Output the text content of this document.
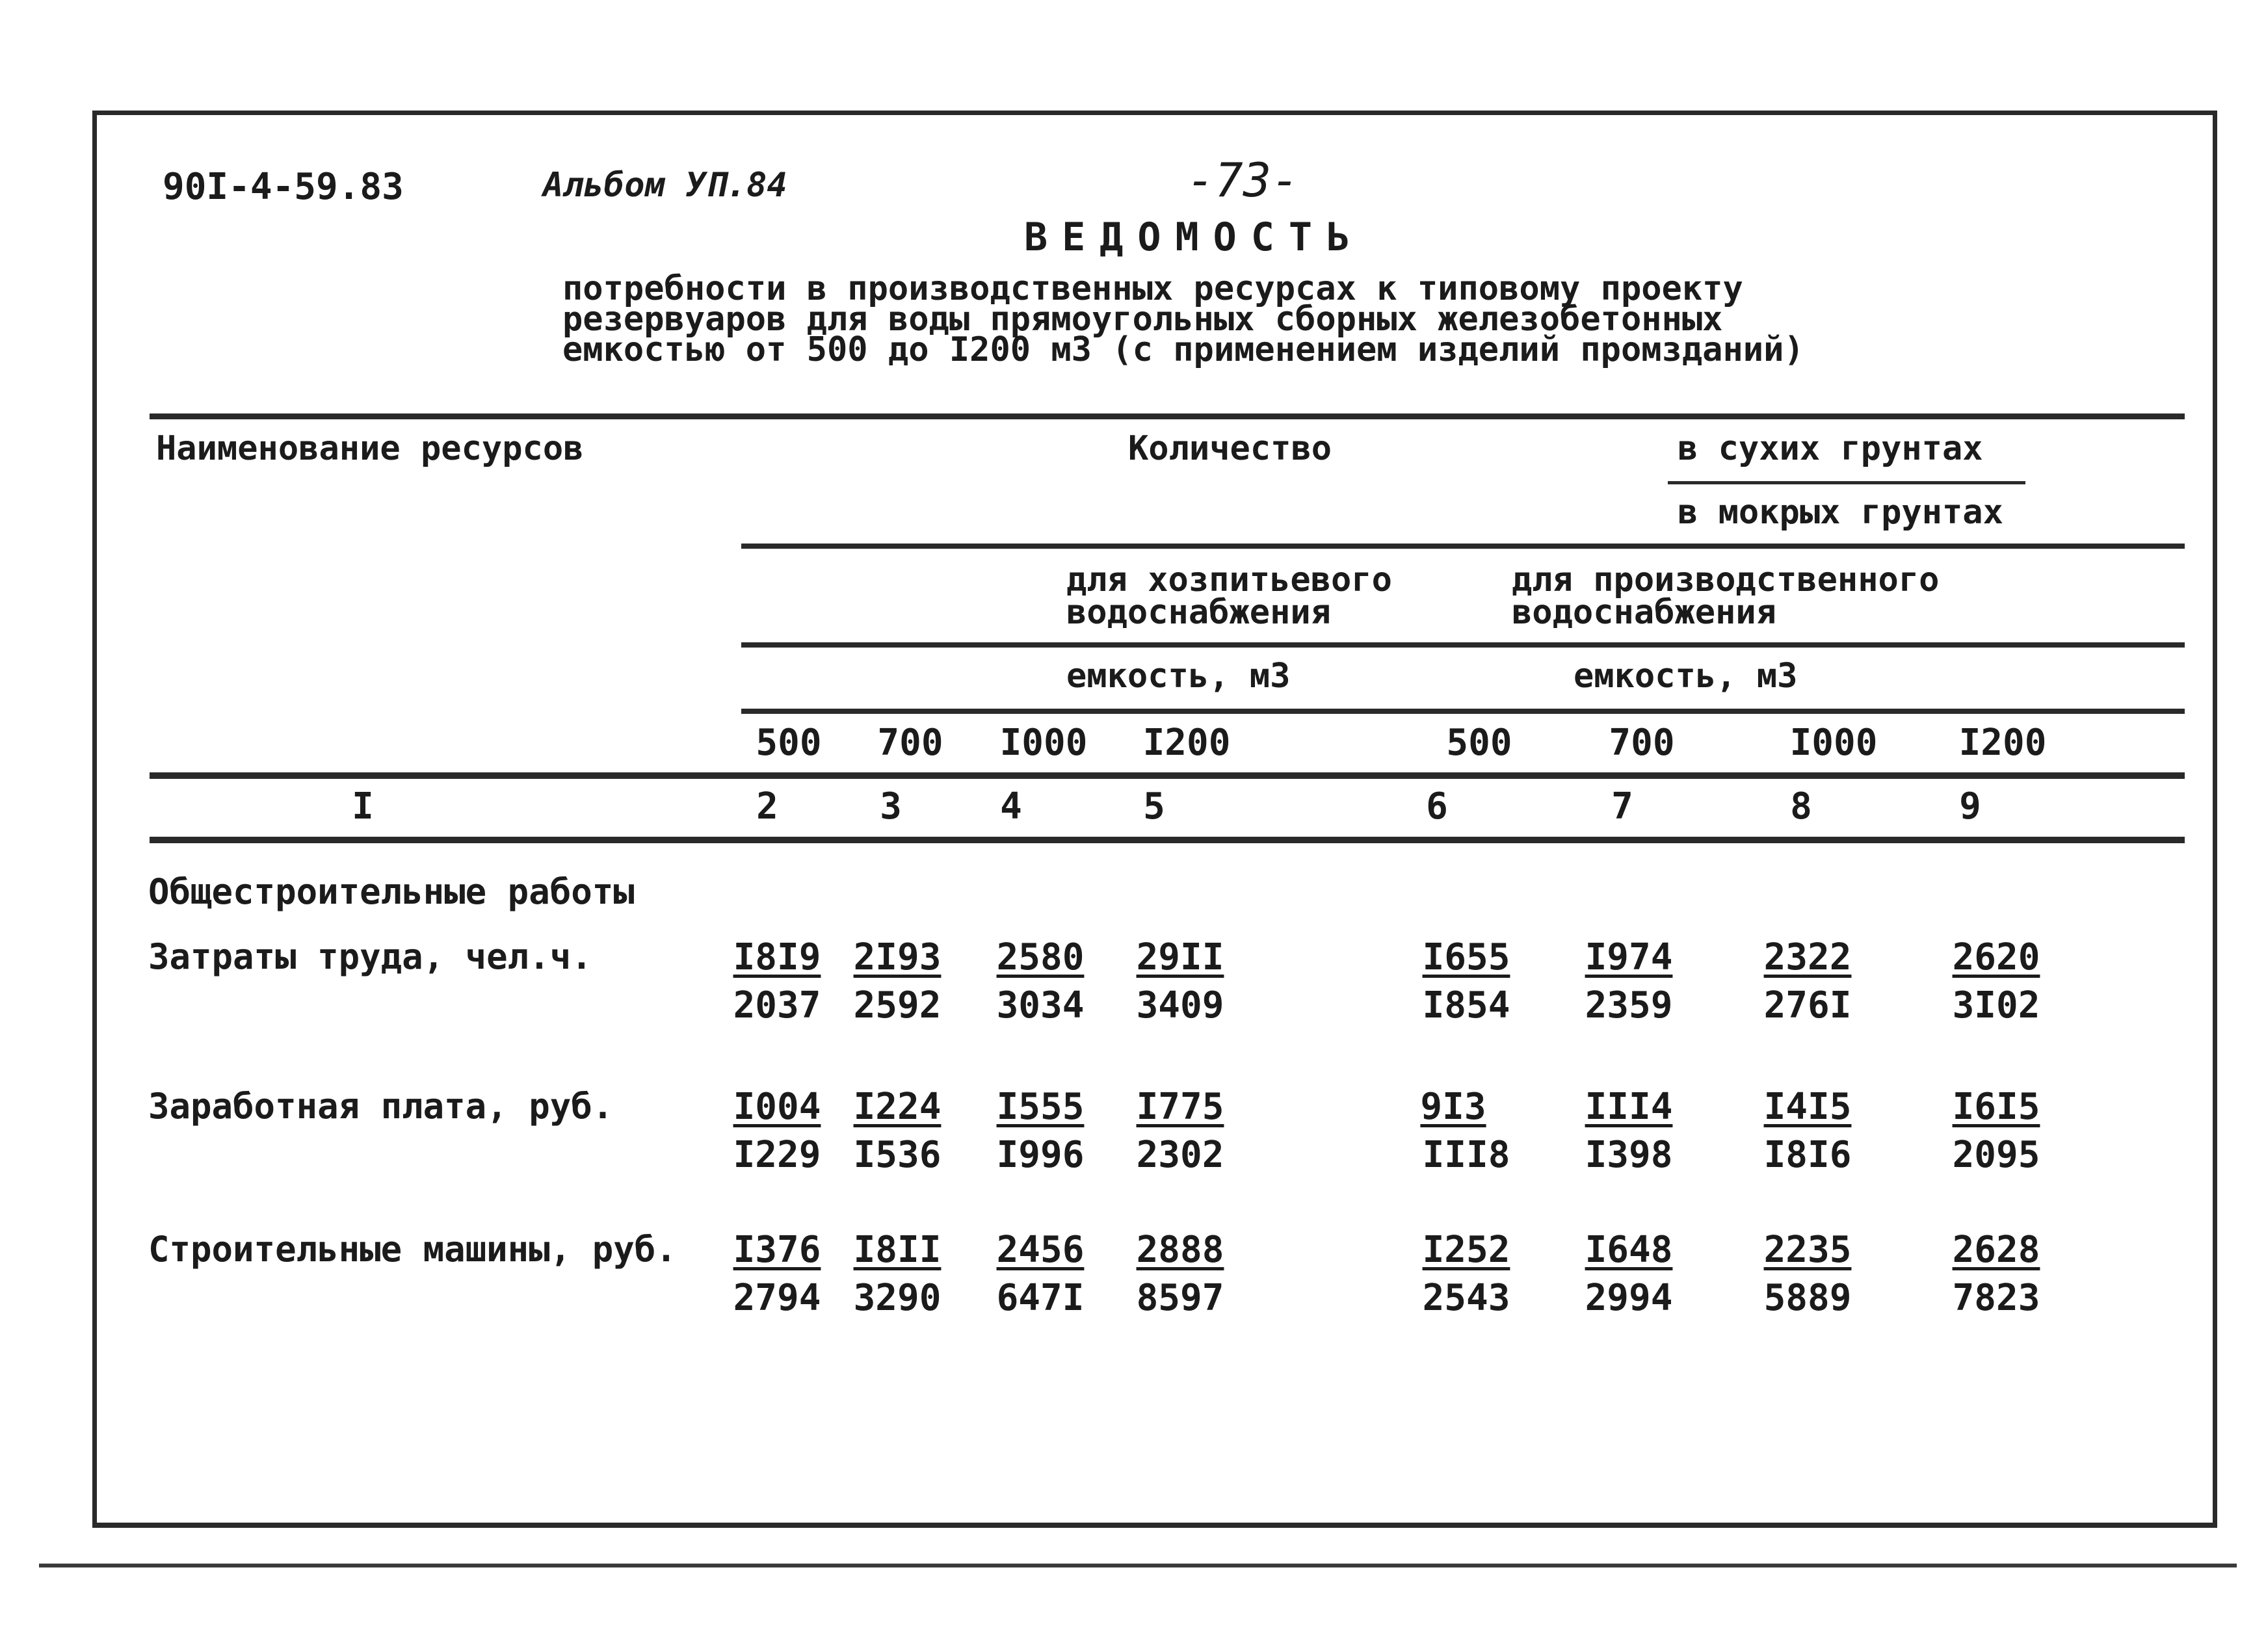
90I-4-59.83	Альбом УП.84	-73-
ВЕДОМОСТЬ
потребности в производственных ресурсах к типовому проекту
резервуаров для воды прямоугольных сборных железобетонных
емкостью от 500 до I200 м3 (с применением изделий промзданий)
Наименование ресурсов	Количество	в сухих грунтах
в мокрых грунтах
для хозпитьевого
водоснабжения
для производственного
водоснабжения
емкость, м3	емкость, м3
500	700	I000 I200	500	700	I000 I200
I	2	3	4	5	6	7	8	9
Общестроительные работы
Затраты труда, чел.ч.	I8I9 2I93 2580 29II	I655 I974	2322	2620
2037 2592 3034 3409	I854 2359	276I	3I02
Заработная плата, руб.	I004 I224 I555 I775	9I3	III4	I4I5	I6I5
I229 I536 I996 2302	III8 I398	I8I6	2095
Строительные машины, руб. I376 I8II 2456 2888	I252 I648	2235	2628
2794 3290 647I 8597	2543 2994	5889	7823
